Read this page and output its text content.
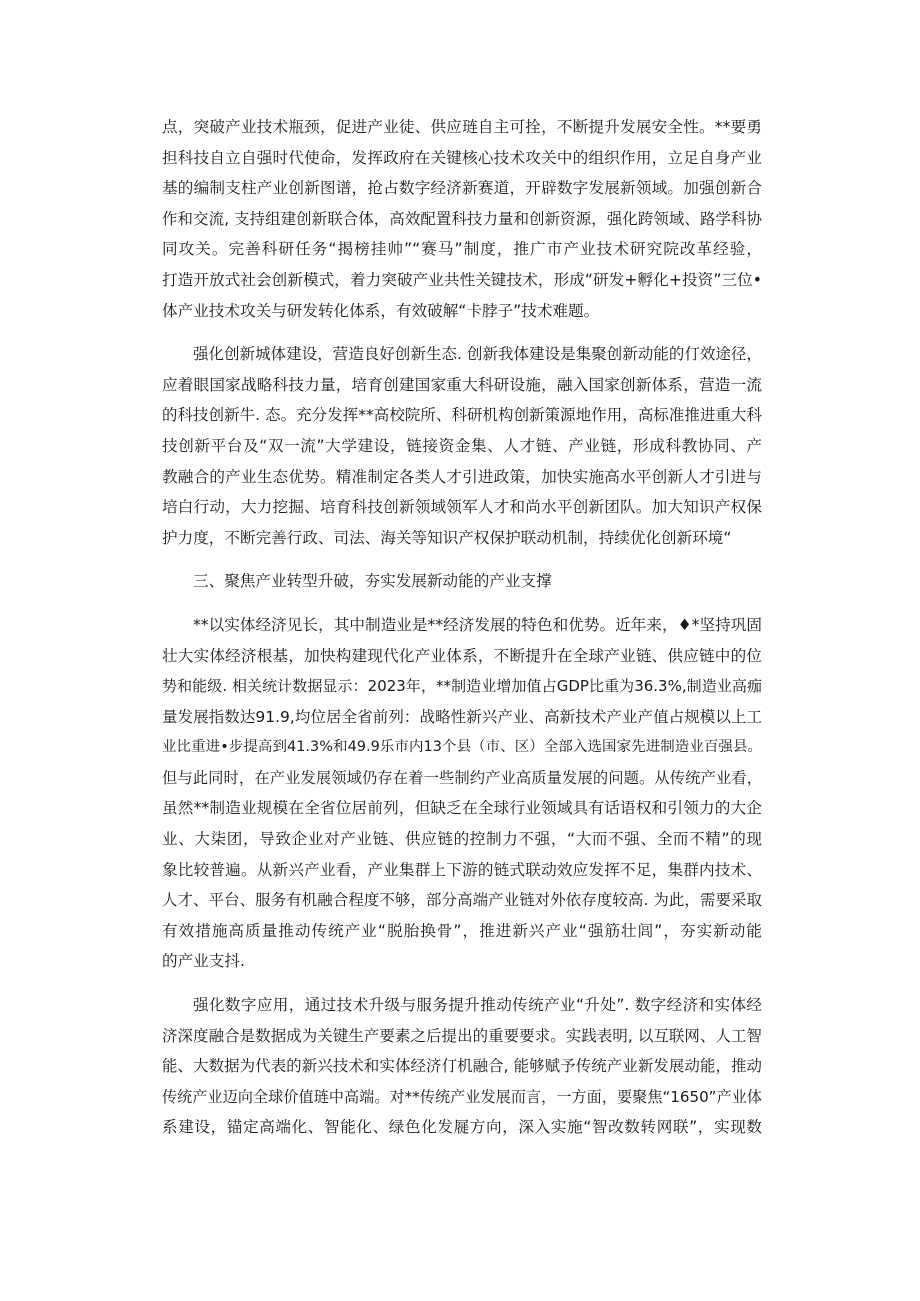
点，突破产业技术瓶颈，促进产业徒、供应琏自主可拴，不断提升发展安全性。**要勇
担科技自立自强时代使命，发挥政府在关键核心技术攻关中的组织作用，立足自身产业
基的编制支柱产业创新图谱，抢占数字经济新赛道，开辟数字发展新领域。加强创新合
作和交流, 支持组建创新联合体，高效配置科技力量和创新资源，强化跨领域、路学科协
同攻关。完善科研任务“揭榜挂帅”“赛马”制度，推广市产业技术研究院改革经验，
打造开放式社会创新模式，着力突破产业共性关键技术，形成“研发+孵化+投资”三位•
体产业技术攻关与研发转化体系，有效破解“卡脖子”技术难题。
强化创新城体建设，营造良好创新生态. 创新我体建设是集聚创新动能的仃效途径，
应着眼国家战略科技力量，培育创建国家重大科研设施，融入国家创新体系，营造一流
的科技创新牛. 态。充分发挥**高校院所、科研机构创新策源地作用，高标准推进重大科
技创新平台及“双一流”大学建设，链接资金集、人才链、产业链，形成科教协同、产
教融合的产业生态优势。精准制定各类人才引进政策，加快实施高水平创新人才引进与
培白行动，大力挖掘、培育科技创新领域领军人才和尚水平创新团队。加大知识产权保
护力度，不断完善行政、司法、海关等知识产权保护联动机制，持续优化创新环境“
三、聚焦产业转型升破，夯实发展新动能的产业支撑
**以实体经济见长，其中制造业是**经济发展的特色和优势。近年来，♦*坚持巩固
壮大实体经济根基，加快构建现代化产业体系，不断提升在全球产业链、供应链中的位
势和能级. 相关统计数据显示：2023年，**制造业增加值占GDP比重为36.3%,制造业高痂
量发展指数达91.9,均位居全省前列：战略性新兴产业、高新技术产业产值占规模以上工
业比重进•步提高到41.3%和49.9乐市内13个县（市、区）全部入选国家先进制造业百强县。
但与此同时，在产业发展领域仍存在着一些制约产业高质量发展的问题。从传统产业看，
虽然**制造业规模在全省位居前列，但缺乏在全球行业领域具有话语权和引领力的大企
业、大柒团，导致企业对产业链、供应链的控制力不强，“大而不强、全而不精”的现
象比较普遍。从新兴产业看，产业集群上下游的链式联动效应发挥不足，集群内技术、
人才、平台、服务有机融合程度不够，部分高端产业链对外依存度较高. 为此，需要采取
有效措施高质量推动传统产业“脱胎换骨”，推进新兴产业“强筋壮闾”，夯实新动能
的产业支抖.
强化数字应用，通过技术升级与服务提升推动传统产业“升处”. 数字经济和实体经
济深度融合是数据成为关键生产要素之后提出的重要要求。实践表明, 以互联网、人工智
能、大数据为代表的新兴技术和实体经济仃机融合, 能够赋予传统产业新发展动能，推动
传统产业迈向全球价值琏中高端。对**传统产业发展而言，一方面，要聚焦“1650”产业体
系建设，锚定高端化、智能化、绿色化发屣方向，深入实施“智改数转网联”，实现数
